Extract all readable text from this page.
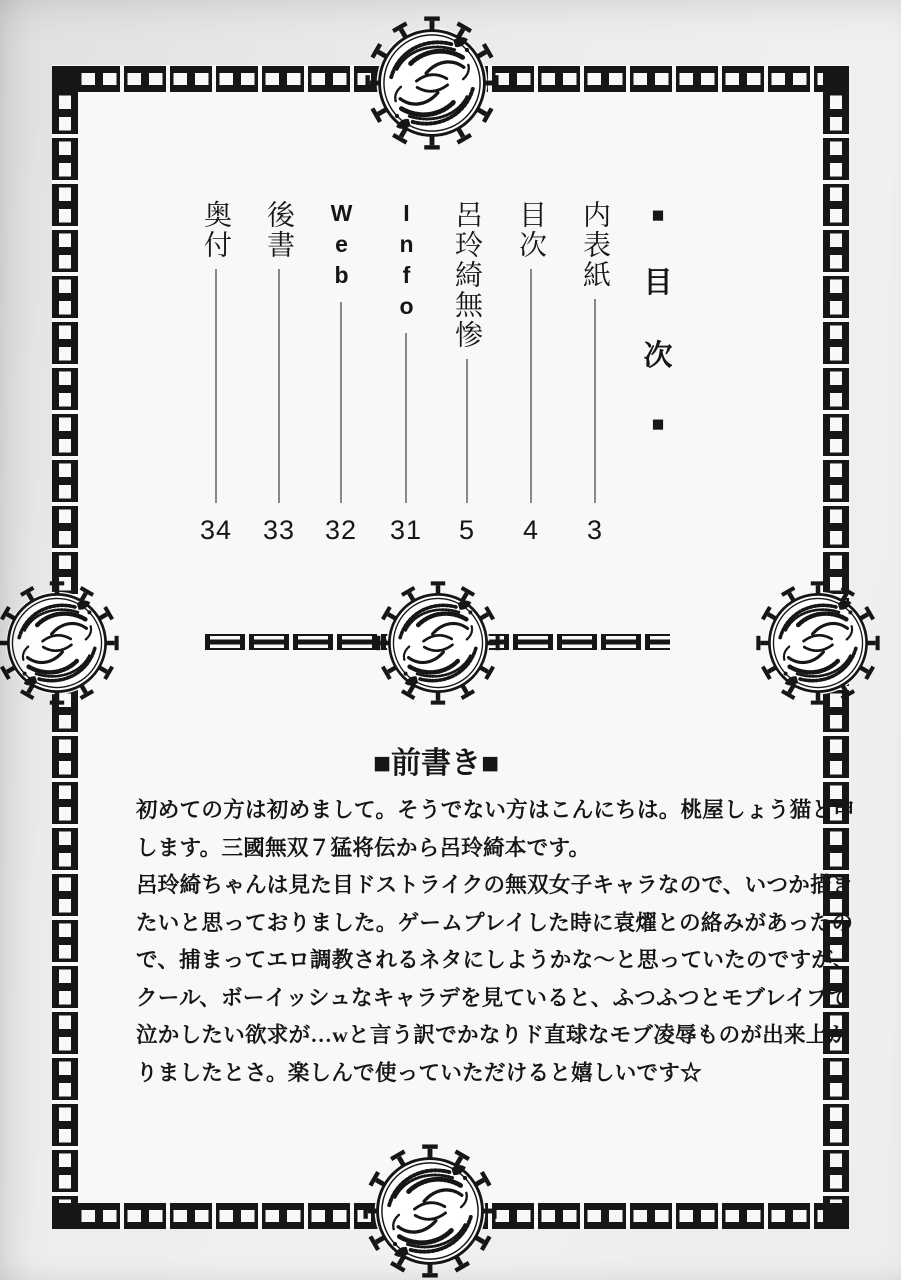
■
目
次
■
内表紙
3
目次
4
呂玲綺無惨
5
Info
31
Web
32
後書
33
奥付
34

■前書き■

初めての方は初めまして。そうでない方はこんにちは。桃屋しょう猫と申
します。三國無双７猛将伝から呂玲綺本です。
呂玲綺ちゃんは見た目ドストライクの無双女子キャラなので、いつか描き
たいと思っておりました。ゲームプレイした時に袁燿との絡みがあったの
で、捕まってエロ調教されるネタにしようかな〜と思っていたのですが、
クール、ボーイッシュなキャラデを見ていると、ふつふつとモブレイプで
泣かしたい欲求が…wと言う訳でかなりド直球なモブ凌辱ものが出来上が
りましたとさ。楽しんで使っていただけると嬉しいです☆
